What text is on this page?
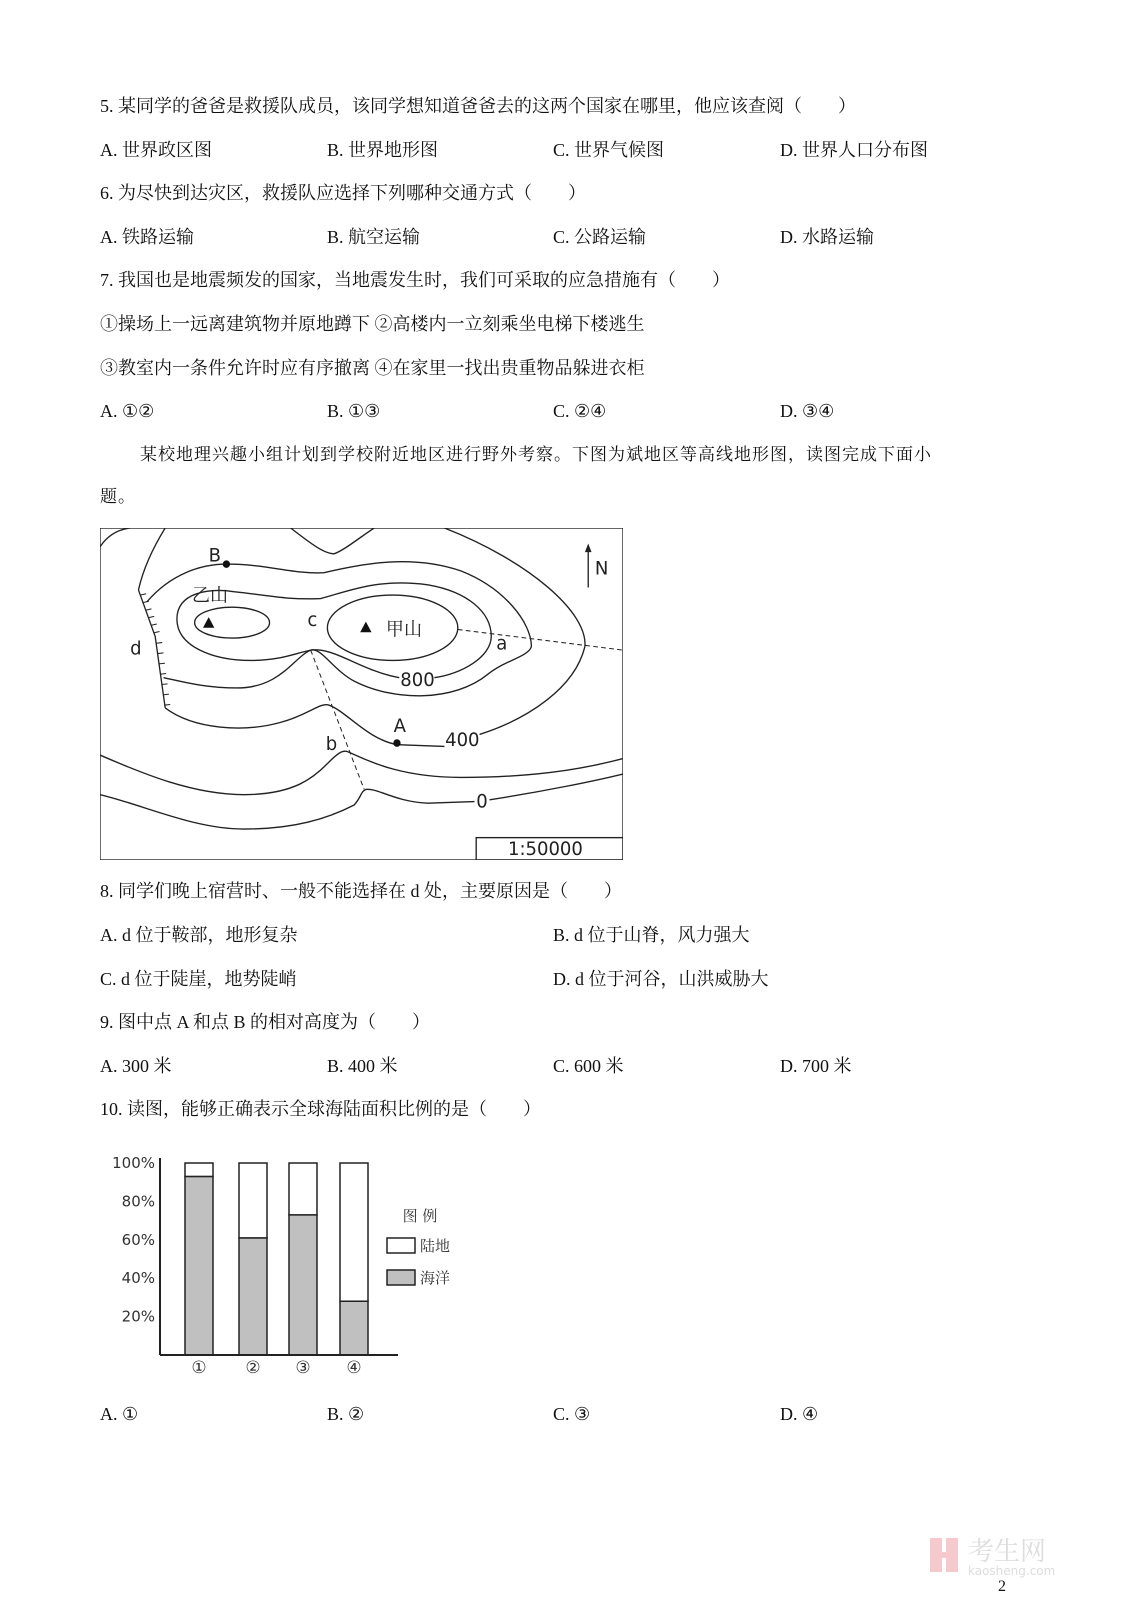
5. 某同学的爸爸是救援队成员，该同学想知道爸爸去的这两个国家在哪里，他应该查阅（　　）
A. 世界政区图	B. 世界地形图	C. 世界气候图	D. 世界人口分布图
6. 为尽快到达灾区，救援队应选择下列哪种交通方式（　　）
A. 铁路运输	B. 航空运输	C. 公路运输	D. 水路运输
7. 我国也是地震频发的国家，当地震发生时，我们可采取的应急措施有（　　）
①操场上一远离建筑物并原地蹲下 ②高楼内一立刻乘坐电梯下楼逃生
③教室内一条件允许时应有序撤离 ④在家里一找出贵重物品躲进衣柜
A. ①②	B. ①③	C. ②④	D. ③④
某校地理兴趣小组计划到学校附近地区进行野外考察。下图为斌地区等高线地形图，读图完成下面小
题。
B
乙山
甲山
c
d	a
b
A
800
400
0
N
1:50000
8. 同学们晚上宿营时、一般不能选择在 d 处，主要原因是（　　）
A. d 位于鞍部，地形复杂	B. d 位于山脊，风力强大
C. d 位于陡崖，地势陡峭	D. d 位于河谷，山洪威胁大
9. 图中点 A 和点 B 的相对高度为（　　）
A. 300 米	B. 400 米	C. 600 米	D. 700 米
10. 读图，能够正确表示全球海陆面积比例的是（　　）
20%
40%
60%
80%
100%
① ② ③ ④
图 例
陆地
海洋
A. ①	B. ②	C. ③	D. ④
考生网
kaosheng.com
2
